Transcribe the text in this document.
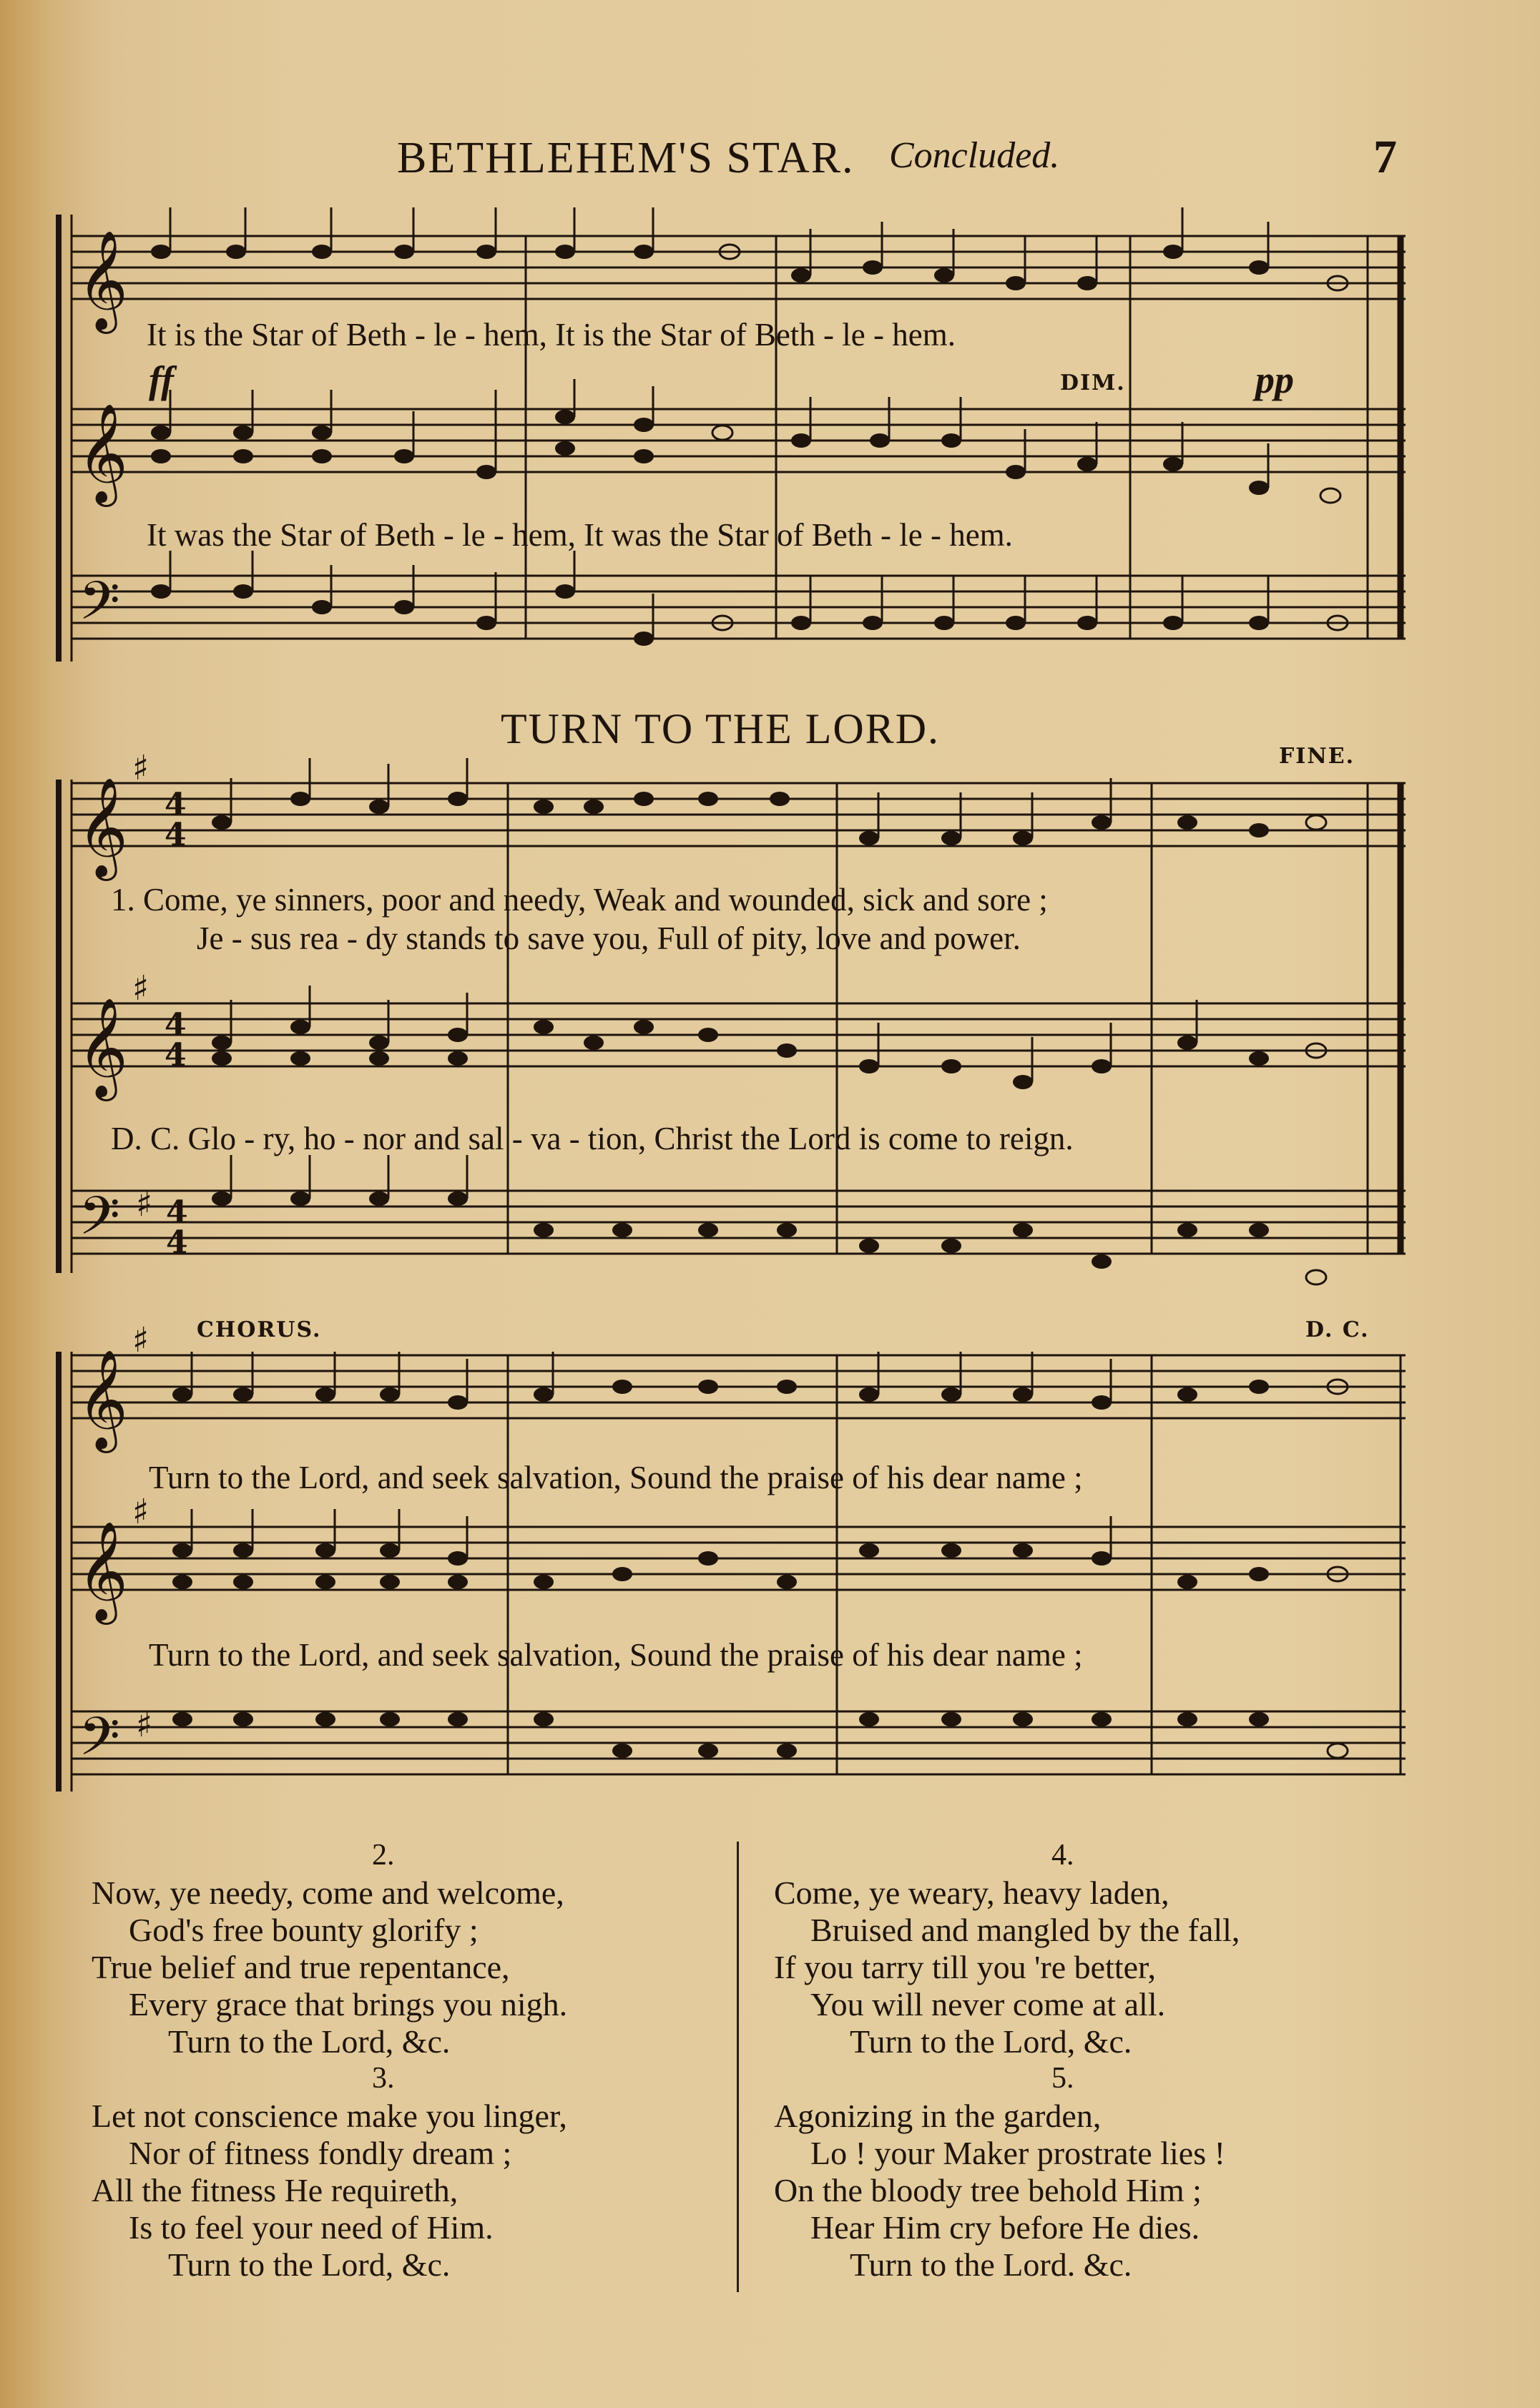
BETHLEHEM'S STAR. Concluded.	7
𝄞
𝄞
𝄢
It is the Star of Beth - le - hem, It is the Star of Beth - le - hem.
ff	DIM.	pp
It was the Star of Beth - le - hem, It was the Star of Beth - le - hem.
TURN TO THE LORD.
𝄞
𝄞
𝄢
♯
♯
♯
4
4
4
4
4
4
FINE.
1. Come, ye sinners, poor and needy, Weak and wounded, sick and sore ;
Je - sus rea - dy stands to save you, Full of pity, love and power.
D. C. Glo - ry, ho - nor and sal - va - tion, Christ the Lord is come to reign.
𝄞
𝄞
𝄢
♯
♯
♯
CHORUS.	D. C.
Turn to the Lord, and seek salvation, Sound the praise of his dear name ;
Turn to the Lord, and seek salvation, Sound the praise of his dear name ;
2.
Now, ye needy, come and welcome,
God's free bounty glorify ;
True belief and true repentance,
Every grace that brings you nigh.
Turn to the Lord, &c.
3.
Let not conscience make you linger,
Nor of fitness fondly dream ;
All the fitness He requireth,
Is to feel your need of Him.
Turn to the Lord, &c.
4.
Come, ye weary, heavy laden,
Bruised and mangled by the fall,
If you tarry till you 're better,
You will never come at all.
Turn to the Lord, &c.
5.
Agonizing in the garden,
Lo ! your Maker prostrate lies !
On the bloody tree behold Him ;
Hear Him cry before He dies.
Turn to the Lord. &c.
